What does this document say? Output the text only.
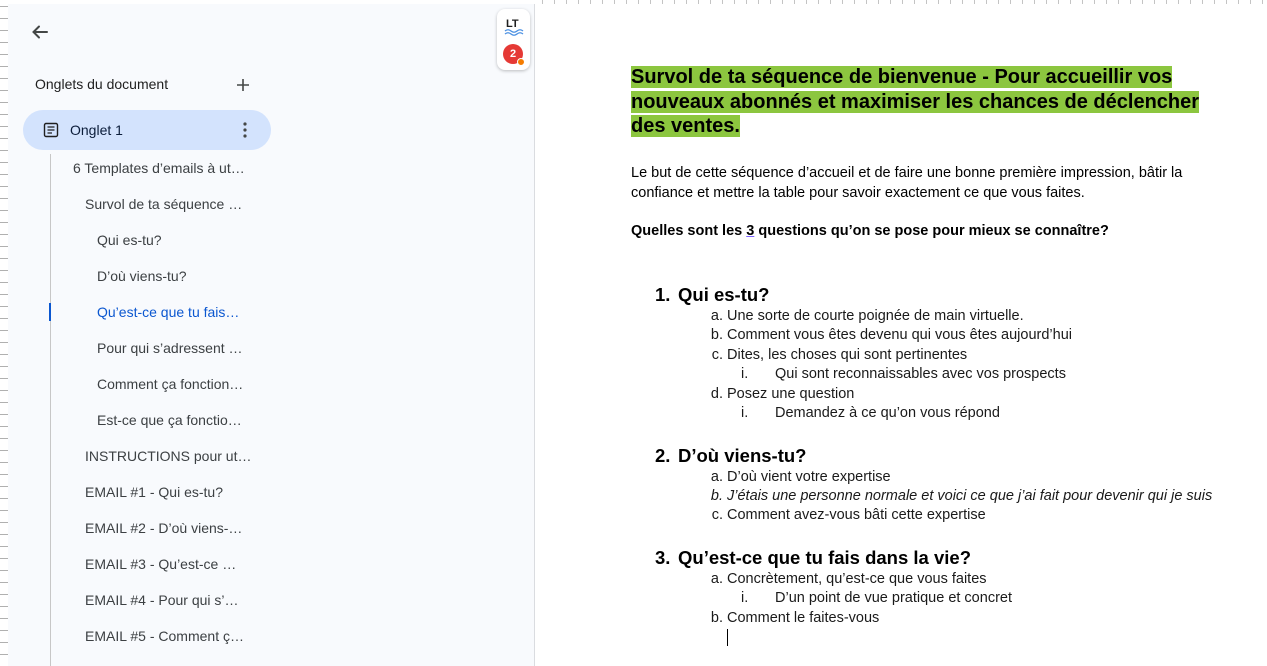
Onglets du document
Onglet 1
6 Templates d’emails à ut…
Survol de ta séquence …
Qui es-tu?
D’où viens-tu?
Qu’est-ce que tu fais…
Pour qui s’adressent …
Comment ça fonction…
Est-ce que ça fonctio…
INSTRUCTIONS pour ut…
EMAIL #1 - Qui es-tu?
EMAIL #2 - D’où viens-…
EMAIL #3 - Qu’est-ce …
EMAIL #4 - Pour qui s’…
EMAIL #5 - Comment ç…
LT
2
Survol de ta séquence de bienvenue - Pour accueillir vos nouveaux abonnés et maximiser les chances de déclencher des ventes.

Le but de cette séquence d’accueil et de faire une bonne première impression, bâtir la confiance et mettre la table pour savoir exactement ce que vous faites.

Quelles sont les 3 questions qu’on se pose pour mieux se connaître?

1. Qui es-tu?
a. Une sorte de courte poignée de main virtuelle.
b. Comment vous êtes devenu qui vous êtes aujourd’hui
c. Dites, les choses qui sont pertinentes
i.	Qui sont reconnaissables avec vos prospects
d. Posez une question
i.	Demandez à ce qu’on vous répond
2. D’où viens-tu?
a. D’où vient votre expertise
b. J’étais une personne normale et voici ce que j’ai fait pour devenir qui je suis
c. Comment avez-vous bâti cette expertise
3. Qu’est-ce que tu fais dans la vie?
a. Concrètement, qu’est-ce que vous faites
i.	D’un point de vue pratique et concret
b. Comment le faites-vous
